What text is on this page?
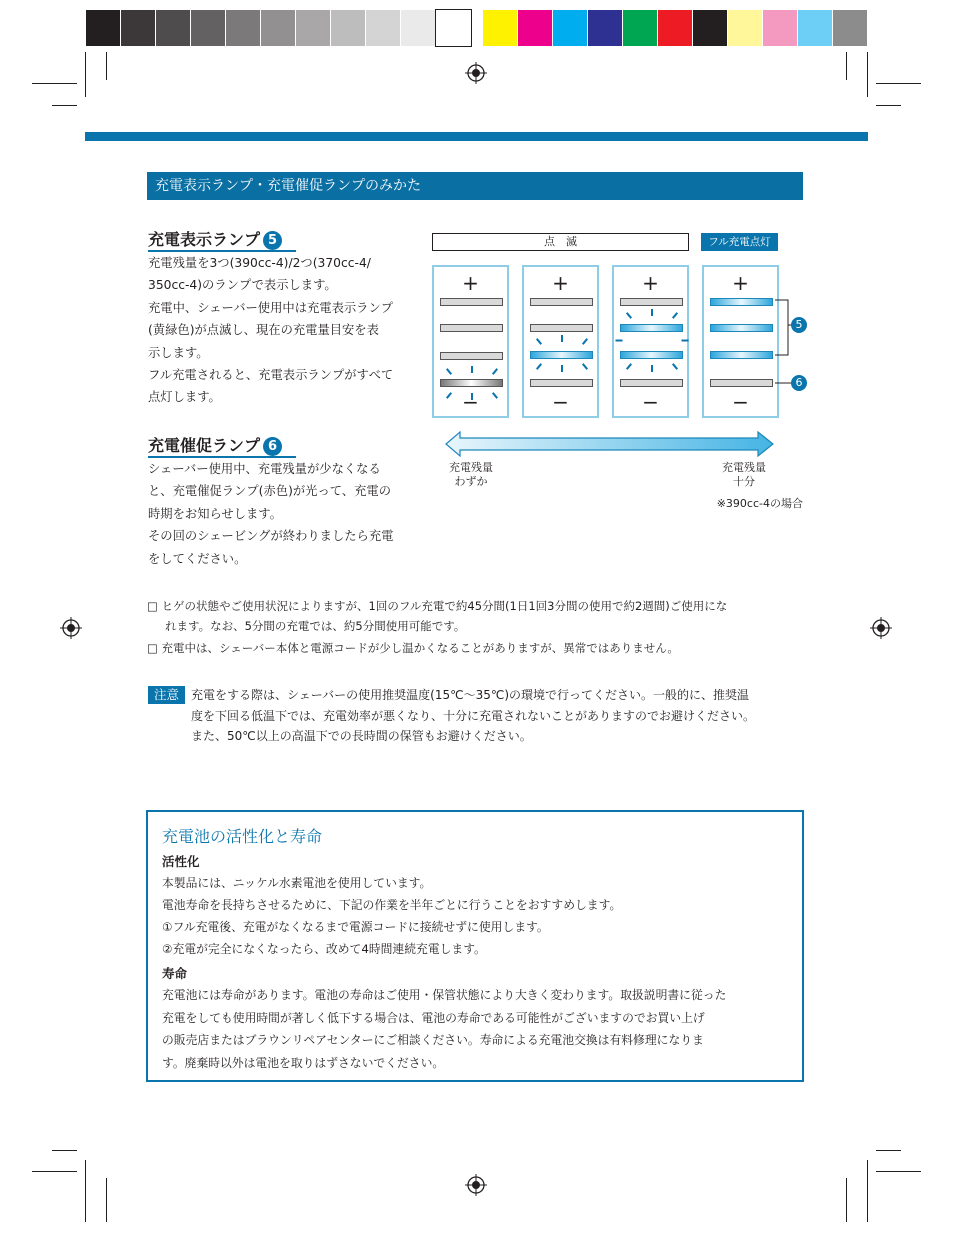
充電表示ランプ・充電催促ランプのみかた
充電表示ランプ 5
充電残量を3つ(390cc-4)/2つ(370cc-4/
350cc-4)のランプで表示します。
充電中、シェーバー使用中は充電表示ランプ
(黄緑色)が点滅し、現在の充電量目安を表
示します。
フル充電されると、充電表示ランプがすべて
点灯します。
充電催促ランプ 6
シェーバー使用中、充電残量が少なくなる
と、充電催促ランプ(赤色)が光って、充電の
時期をお知らせします。
その回のシェービングが終わりましたら充電
をしてください。
点　滅	フル充電点灯
+
−
+
−
+
−
+
−
5
6
充電残量
わずか
充電残量
十分
※390cc-4の場合
□ ヒゲの状態やご使用状況によりますが、1回のフル充電で約45分間(1日1回3分間の使用で約2週間)ご使用にな
れます。なお、5分間の充電では、約5分間使用可能です。
□ 充電中は、シェーバー本体と電源コードが少し温かくなることがありますが、異常ではありません。
注意	充電をする際は、シェーバーの使用推奨温度(15℃〜35℃)の環境で行ってください。一般的に、推奨温
度を下回る低温下では、充電効率が悪くなり、十分に充電されないことがありますのでお避けください。
また、50℃以上の高温下での長時間の保管もお避けください。
充電池の活性化と寿命
活性化
本製品には、ニッケル水素電池を使用しています。
電池寿命を長持ちさせるために、下記の作業を半年ごとに行うことをおすすめします。
①フル充電後、充電がなくなるまで電源コードに接続せずに使用します。
②充電が完全になくなったら、改めて4時間連続充電します。
寿命
充電池には寿命があります。電池の寿命はご使用・保管状態により大きく変わります。取扱説明書に従った
充電をしても使用時間が著しく低下する場合は、電池の寿命である可能性がございますのでお買い上げ
の販売店またはブラウンリペアセンターにご相談ください。寿命による充電池交換は有料修理になりま
す。廃棄時以外は電池を取りはずさないでください。
